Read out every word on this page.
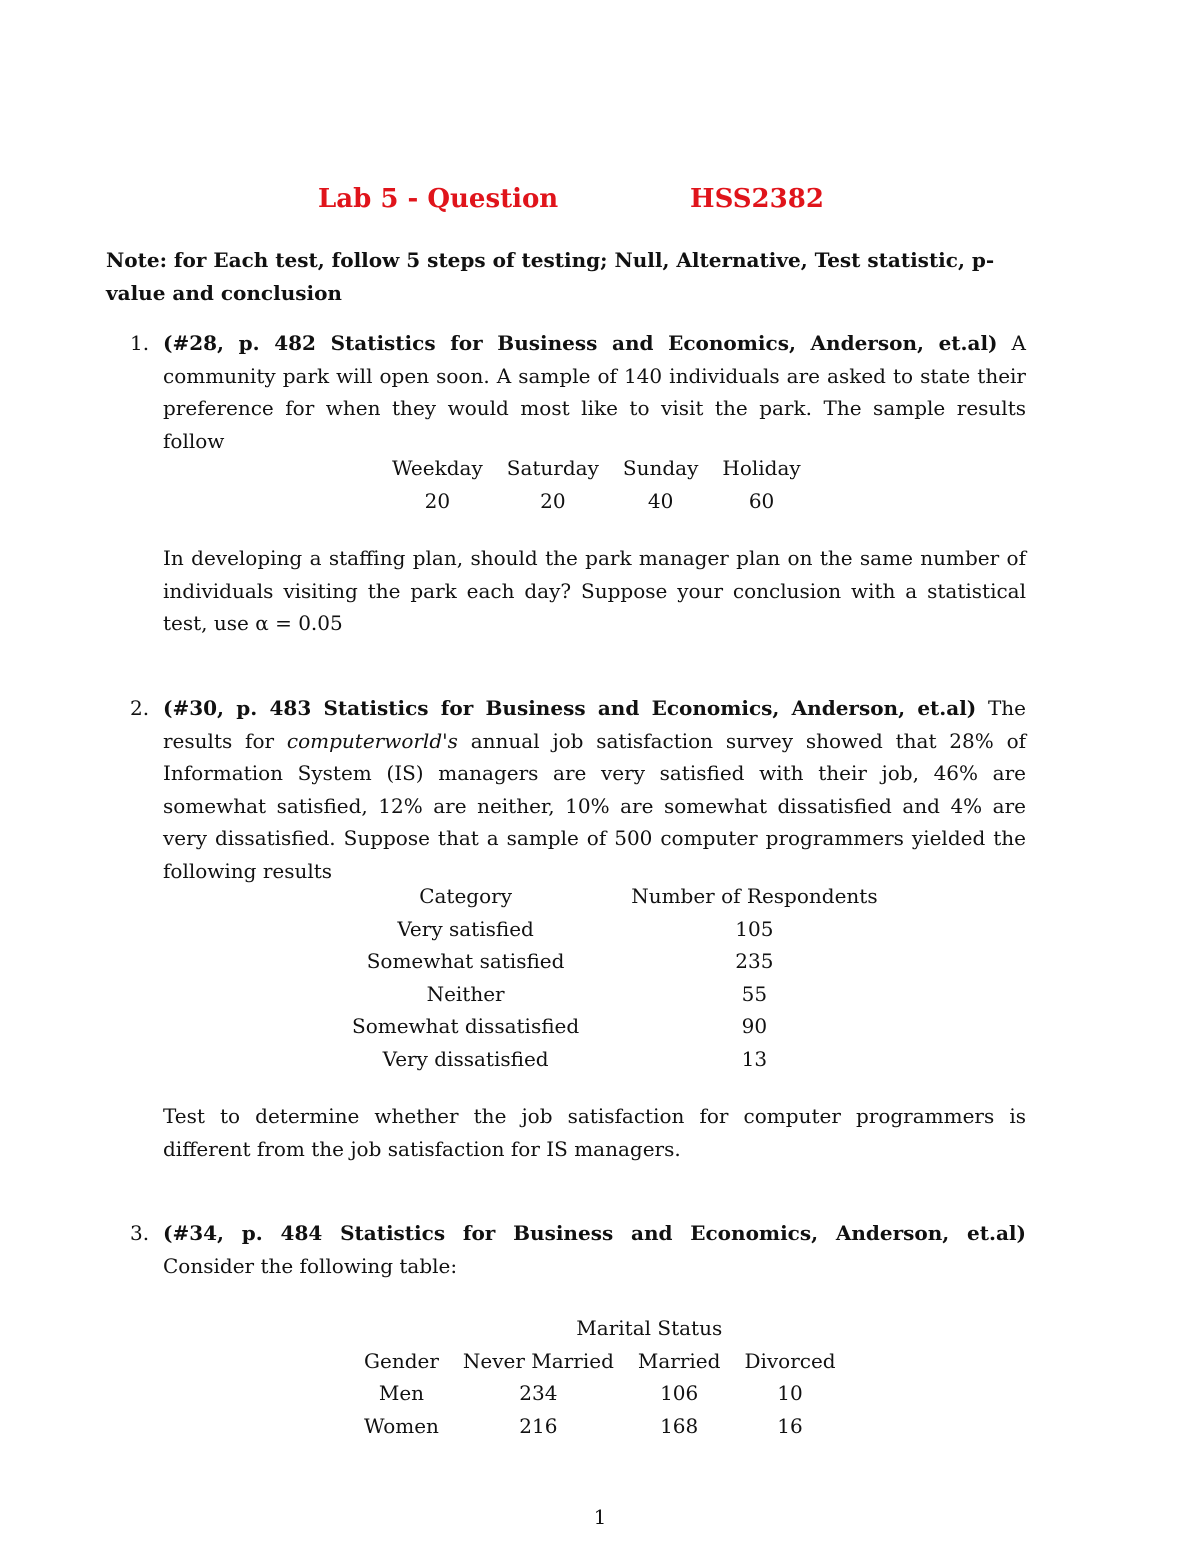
Lab 5 - Question	HSS2382
Note: for Each test, follow 5 steps of testing; Null, Alternative, Test statistic, p-value and conclusion
1. (#28, p. 482 Statistics for Business and Economics, Anderson, et.al) A community park will open soon. A sample of 140 individuals are asked to state their preference for when they would most like to visit the park. The sample results follow
Weekday	Saturday	Sunday	Holiday
20	20	40	60
In developing a staffing plan, should the park manager plan on the same number of individuals visiting the park each day? Suppose your conclusion with a statistical test, use α = 0.05
2. (#30, p. 483 Statistics for Business and Economics, Anderson, et.al) The results for computerworld's annual job satisfaction survey showed that 28% of Information System (IS) managers are very satisfied with their job, 46% are somewhat satisfied, 12% are neither, 10% are somewhat dissatisfied and 4% are very dissatisfied. Suppose that a sample of 500 computer programmers yielded the following results
Category	Number of Respondents
Very satisfied	105
Somewhat satisfied	235
Neither	55
Somewhat dissatisfied	90
Very dissatisfied	13
Test to determine whether the job satisfaction for computer programmers is different from the job satisfaction for IS managers.
3. (#34, p. 484 Statistics for Business and Economics, Anderson, et.al) Consider the following table:
	Marital Status		
Gender	Never Married	Married	Divorced
Men	234	106	10
Women	216	168	16
1
